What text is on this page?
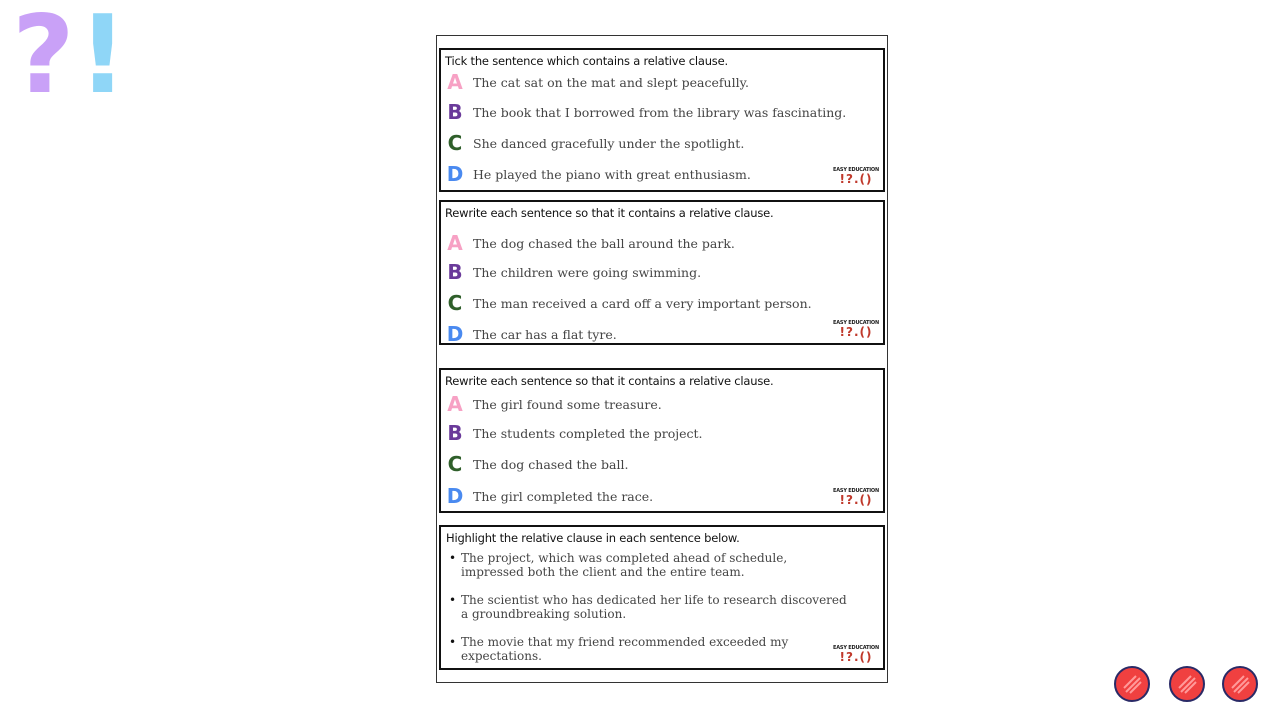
? !	Tick the sentence which contains a relative clause.
A The cat sat on the mat and slept peacefully.
B The book that I borrowed from the library was fascinating.
C She danced gracefully under the spotlight.
D He played the piano with great enthusiasm.	EASY EDUCATION
!?.()
Rewrite each sentence so that it contains a relative clause.
A The dog chased the ball around the park.
B The children were going swimming.
C The man received a card off a very important person.
D The car has a flat tyre.
EASY EDUCATION
!?.()
Rewrite each sentence so that it contains a relative clause.
A The girl found some treasure.
B The students completed the project.
C The dog chased the ball.
D The girl completed the race.	EASY EDUCATION
!?.()
Highlight the relative clause in each sentence below.
• The project, which was completed ahead of schedule, impressed both the client and the entire team.
• The scientist who has dedicated her life to research discovered a groundbreaking solution.
• The movie that my friend recommended exceeded my expectations.
EASY EDUCATION
!?.()
